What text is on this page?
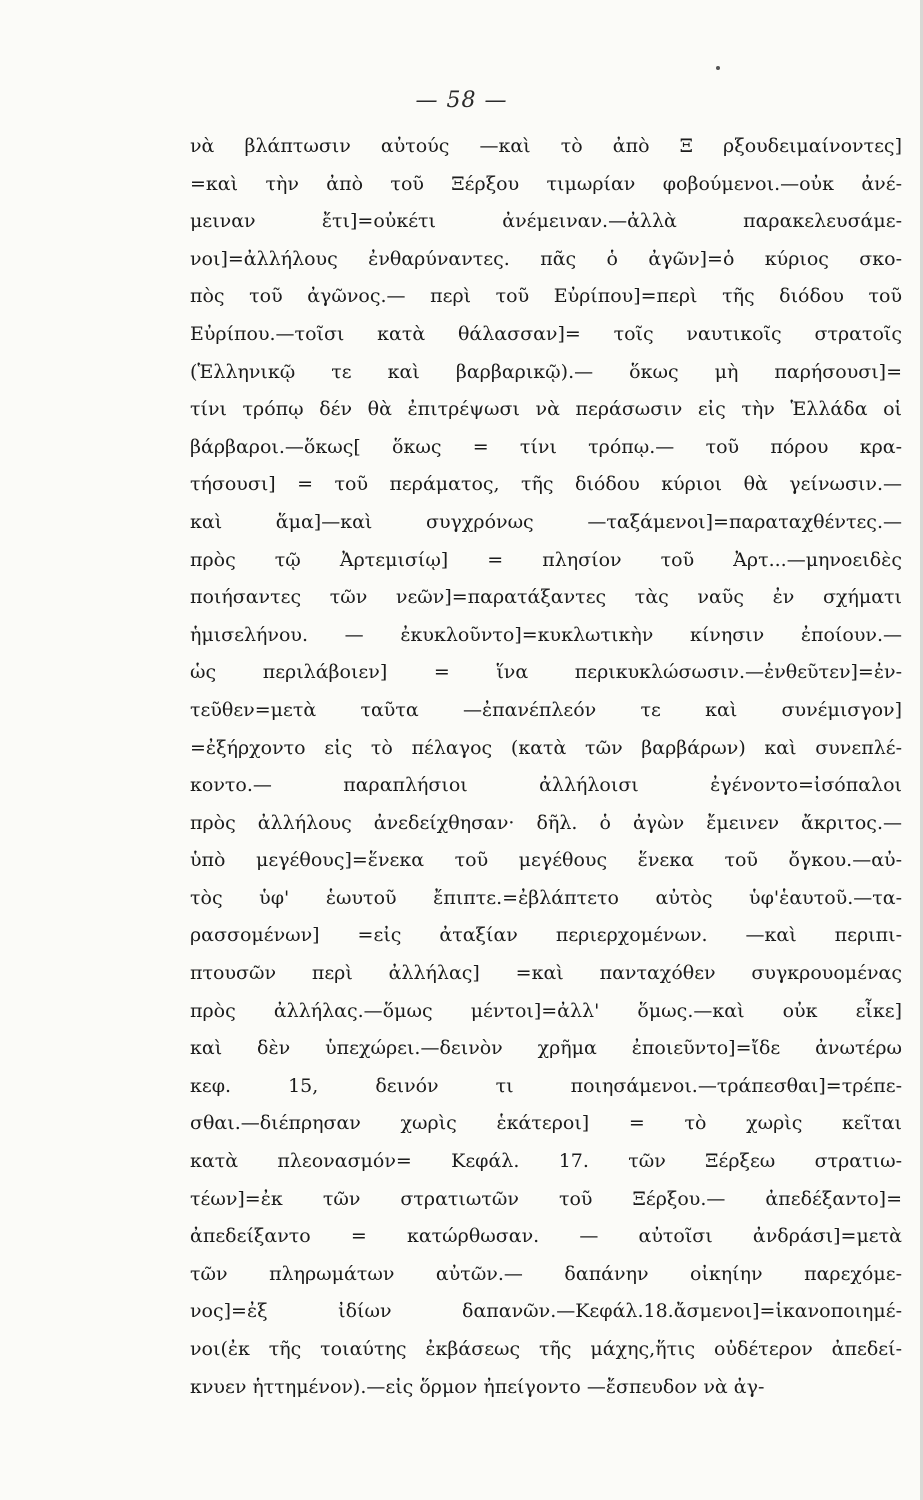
— 58 —
νὰ βλάπτωσιν αὐτούς —καὶ τὸ ἀπὸ Ξ ρξουδειμαίνοντες]
=καὶ τὴν ἀπὸ τοῦ Ξέρξου τιμωρίαν φοβούμενοι.—οὐκ ἀνέ-
μειναν ἔτι]=οὐκέτι ἀνέμειναν.—ἀλλὰ παρακελευσάμε-
νοι]=ἀλλήλους ἐνθαρύναντες. πᾶς ὁ ἀγῶν]=ὁ κύριος σκο-
πὸς τοῦ ἀγῶνος.— περὶ τοῦ Εὐρίπου]=περὶ τῆς διόδου τοῦ
Εὐρίπου.—τοῖσι κατὰ θάλασσαν]= τοῖς ναυτικοῖς στρατοῖς
(Ἑλληνικῷ τε καὶ βαρβαρικῷ).— ὅκως μὴ παρήσουσι]=
τίνι τρόπῳ δέν θὰ ἐπιτρέψωσι νὰ περάσωσιν εἰς τὴν Ἑλλάδα οἱ
βάρβαροι.—ὅκως[ ὅκως = τίνι τρόπῳ.— τοῦ πόρου κρα-
τήσουσι] = τοῦ περάματος, τῆς διόδου κύριοι θὰ γείνωσιν.—
καὶ ἅμα]—καὶ συγχρόνως —ταξάμενοι]=παραταχθέντες.—
πρὸς τῷ Ἀρτεμισίῳ] = πλησίον τοῦ Ἀρτ...—μηνοειδὲς
ποιήσαντες τῶν νεῶν]=παρατάξαντες τὰς ναῦς ἐν σχήματι
ἡμισελήνου. — ἐκυκλοῦντο]=κυκλωτικὴν κίνησιν ἐποίουν.—
ὡς περιλάβοιεν] = ἵνα περικυκλώσωσιν.—ἐνθεῦτεν]=ἐν-
τεῦθεν=μετὰ ταῦτα —ἐπανέπλεόν τε καὶ συνέμισγον]
=ἐξήρχοντο εἰς τὸ πέλαγος (κατὰ τῶν βαρβάρων) καὶ συνεπλέ-
κοντο.— παραπλήσιοι ἀλλήλοισι ἐγένοντο=ἰσόπαλοι
πρὸς ἀλλήλους ἀνεδείχθησαν· δῆλ. ὁ ἀγὼν ἔμεινεν ἄκριτος.—
ὑπὸ μεγέθους]=ἕνεκα τοῦ μεγέθους ἕνεκα τοῦ ὄγκου.—αὐ-
τὸς ὑφ' ἑωυτοῦ ἔπιπτε.=ἐβλάπτετο αὐτὸς ὑφ'ἑαυτοῦ.—τα-
ρασσομένων] =εἰς ἀταξίαν περιερχομένων. —καὶ περιπι-
πτουσῶν περὶ ἀλλήλας] =καὶ πανταχόθεν συγκρουομένας
πρὸς ἀλλήλας.—ὅμως μέντοι]=ἀλλ' ὅμως.—καὶ οὐκ εἶκε]
καὶ δὲν ὑπεχώρει.—δεινὸν χρῆμα ἐποιεῦντο]=ἴδε ἀνωτέρω
κεφ. 15, δεινόν τι ποιησάμενοι.—τράπεσθαι]=τρέπε-
σθαι.—διέπρησαν χωρὶς ἑκάτεροι] = τὸ χωρὶς κεῖται
κατὰ πλεονασμόν= Κεφάλ. 17. τῶν Ξέρξεω στρατιω-
τέων]=ἐκ τῶν στρατιωτῶν τοῦ Ξέρξου.— ἀπεδέξαντο]=
ἀπεδείξαντο = κατώρθωσαν. — αὐτοῖσι ἀνδράσι]=μετὰ
τῶν πληρωμάτων αὐτῶν.— δαπάνην οἰκηίην παρεχόμε-
νος]=ἐξ ἰδίων δαπανῶν.—Κεφάλ.18.ἄσμενοι]=ἱκανοποιημέ-
νοι(ἐκ τῆς τοιαύτης ἐκβάσεως τῆς μάχης,ἥτις οὐδέτερον ἀπεδεί-
κνυεν ἡττημένον).—εἰς ὅρμον ἠπείγοντο —ἔσπευδον νὰ ἀγ-
